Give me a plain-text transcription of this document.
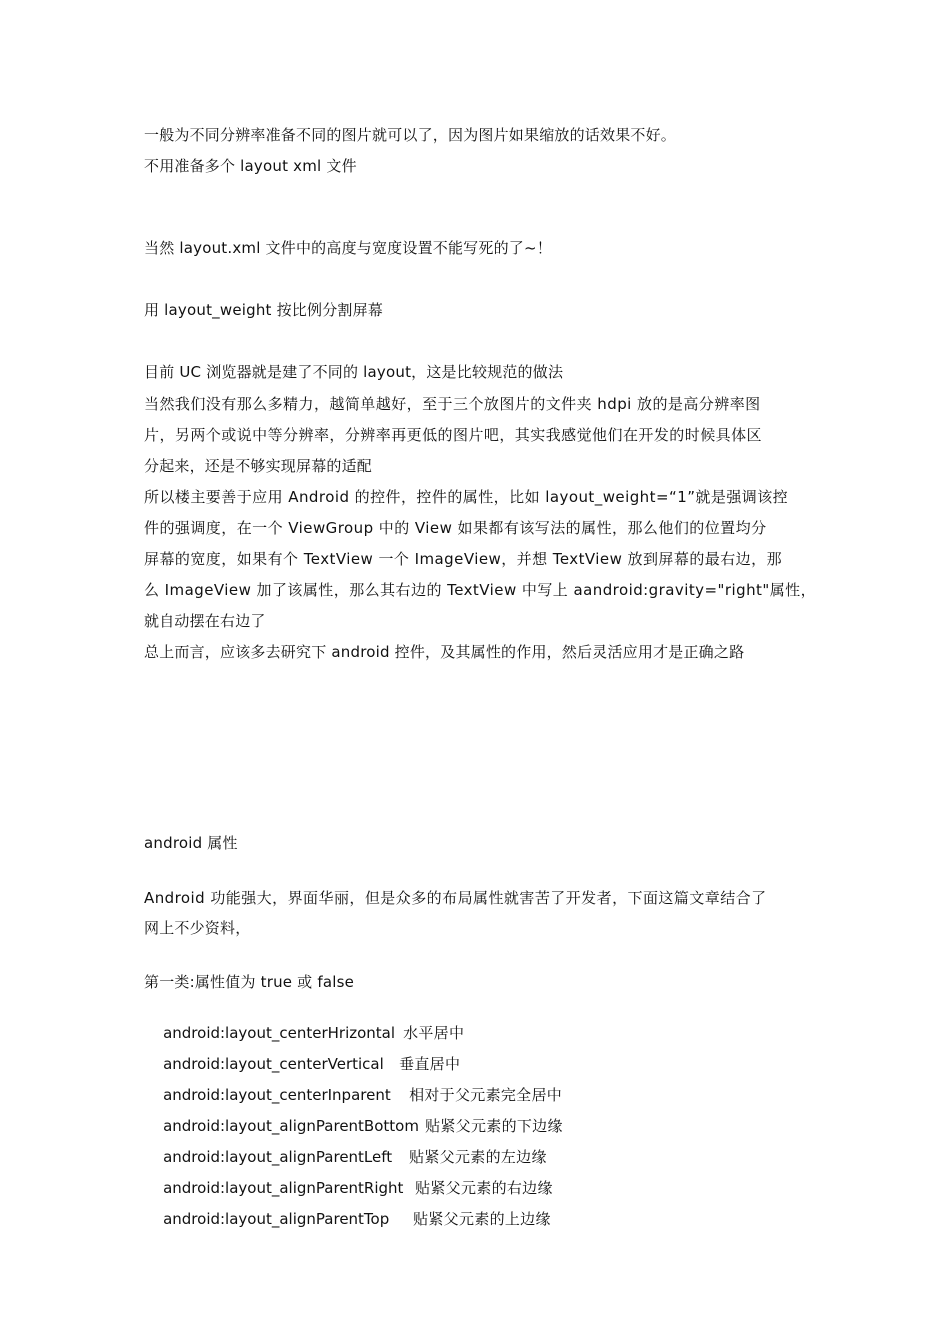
一般为不同分辨率准备不同的图片就可以了，因为图片如果缩放的话效果不好。
不用准备多个 layout xml 文件
当然 layout.xml 文件中的高度与宽度设置不能写死的了~！
用 layout_weight 按比例分割屏幕
目前 UC 浏览器就是建了不同的 layout，这是比较规范的做法
当然我们没有那么多精力，越简单越好，至于三个放图片的文件夹 hdpi 放的是高分辨率图
片，另两个或说中等分辨率，分辨率再更低的图片吧，其实我感觉他们在开发的时候具体区
分起来，还是不够实现屏幕的适配
所以楼主要善于应用 Android 的控件，控件的属性，比如 layout_weight=“1”就是强调该控
件的强调度，在一个 ViewGroup 中的 View 如果都有该写法的属性，那么他们的位置均分
屏幕的宽度，如果有个 TextView 一个 ImageView，并想 TextView 放到屏幕的最右边，那
么 ImageView 加了该属性，那么其右边的 TextView 中写上 aandroid:gravity="right"属性，
就自动摆在右边了
总上而言，应该多去研究下 android 控件，及其属性的作用，然后灵活应用才是正确之路
android 属性
Android 功能强大，界面华丽，但是众多的布局属性就害苦了开发者，下面这篇文章结合了
网上不少资料，
第一类:属性值为 true 或 false

android:layout_centerHrizontal 水平居中

android:layout_centerVertical 垂直居中

android:layout_centerInparent 相对于父元素完全居中

android:layout_alignParentBottom 贴紧父元素的下边缘

android:layout_alignParentLeft 贴紧父元素的左边缘

android:layout_alignParentRight 贴紧父元素的右边缘

android:layout_alignParentTop 贴紧父元素的上边缘
